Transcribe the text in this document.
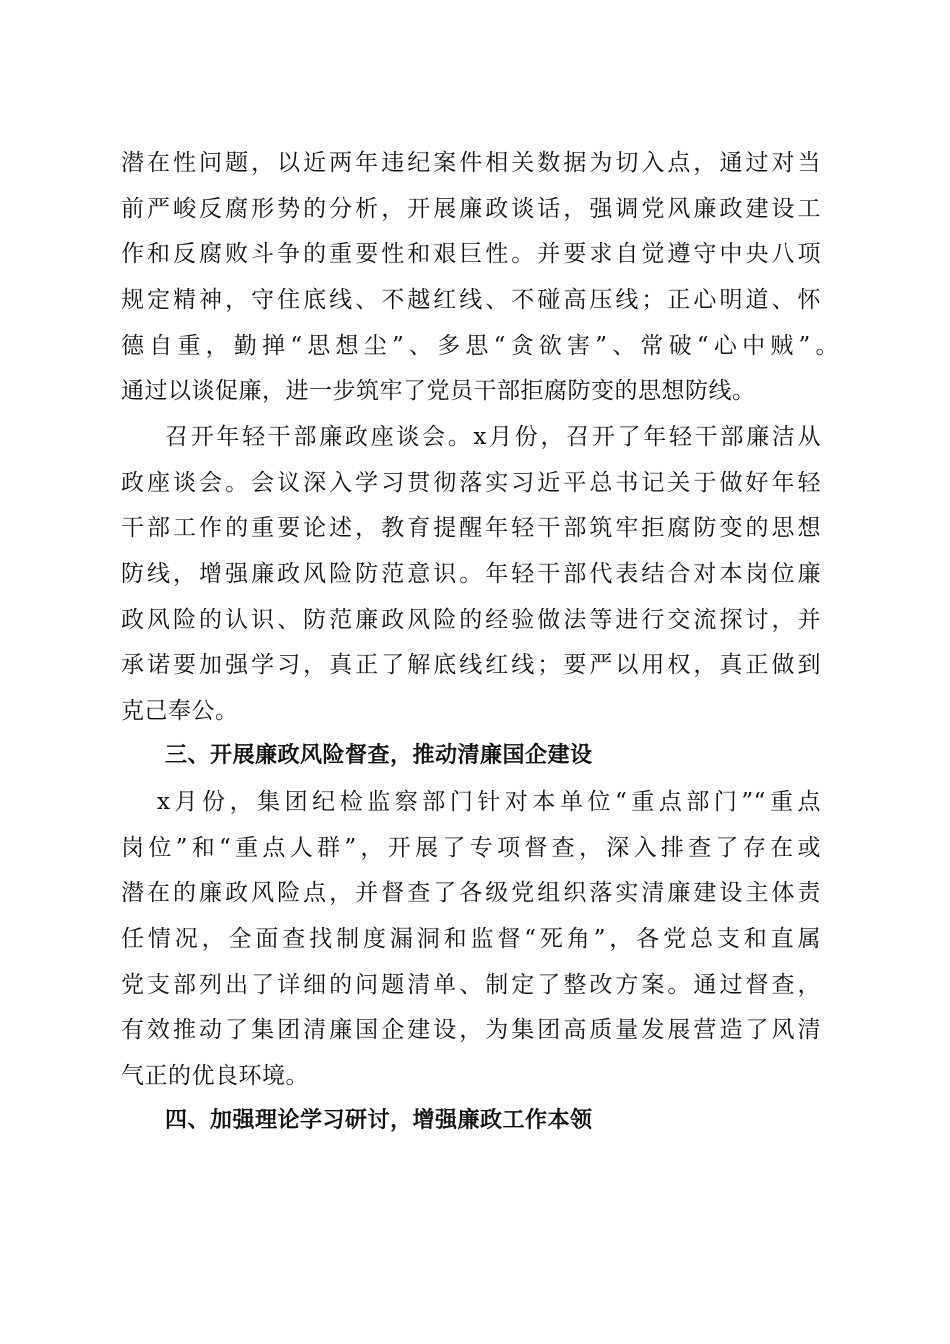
潜在性问题，以近两年违纪案件相关数据为切入点，通过对当
前严峻反腐形势的分析，开展廉政谈话，强调党风廉政建设工
作和反腐败斗争的重要性和艰巨性。并要求自觉遵守中央八项
规定精神，守住底线、不越红线、不碰高压线；正心明道、怀
德自重，勤掸“思想尘”、多思“贪欲害”、常破“心中贼”。
通过以谈促廉，进一步筑牢了党员干部拒腐防变的思想防线。
召开年轻干部廉政座谈会。x月份，召开了年轻干部廉洁从
政座谈会。会议深入学习贯彻落实习近平总书记关于做好年轻
干部工作的重要论述，教育提醒年轻干部筑牢拒腐防变的思想
防线，增强廉政风险防范意识。年轻干部代表结合对本岗位廉
政风险的认识、防范廉政风险的经验做法等进行交流探讨，并
承诺要加强学习，真正了解底线红线；要严以用权，真正做到
克己奉公。
三、开展廉政风险督查，推动清廉国企建设
x月份，集团纪检监察部门针对本单位“重点部门”“重点
岗位”和“重点人群”，开展了专项督查，深入排查了存在或
潜在的廉政风险点，并督查了各级党组织落实清廉建设主体责
任情况，全面查找制度漏洞和监督“死角”，各党总支和直属
党支部列出了详细的问题清单、制定了整改方案。通过督查，
有效推动了集团清廉国企建设，为集团高质量发展营造了风清
气正的优良环境。
四、加强理论学习研讨，增强廉政工作本领
